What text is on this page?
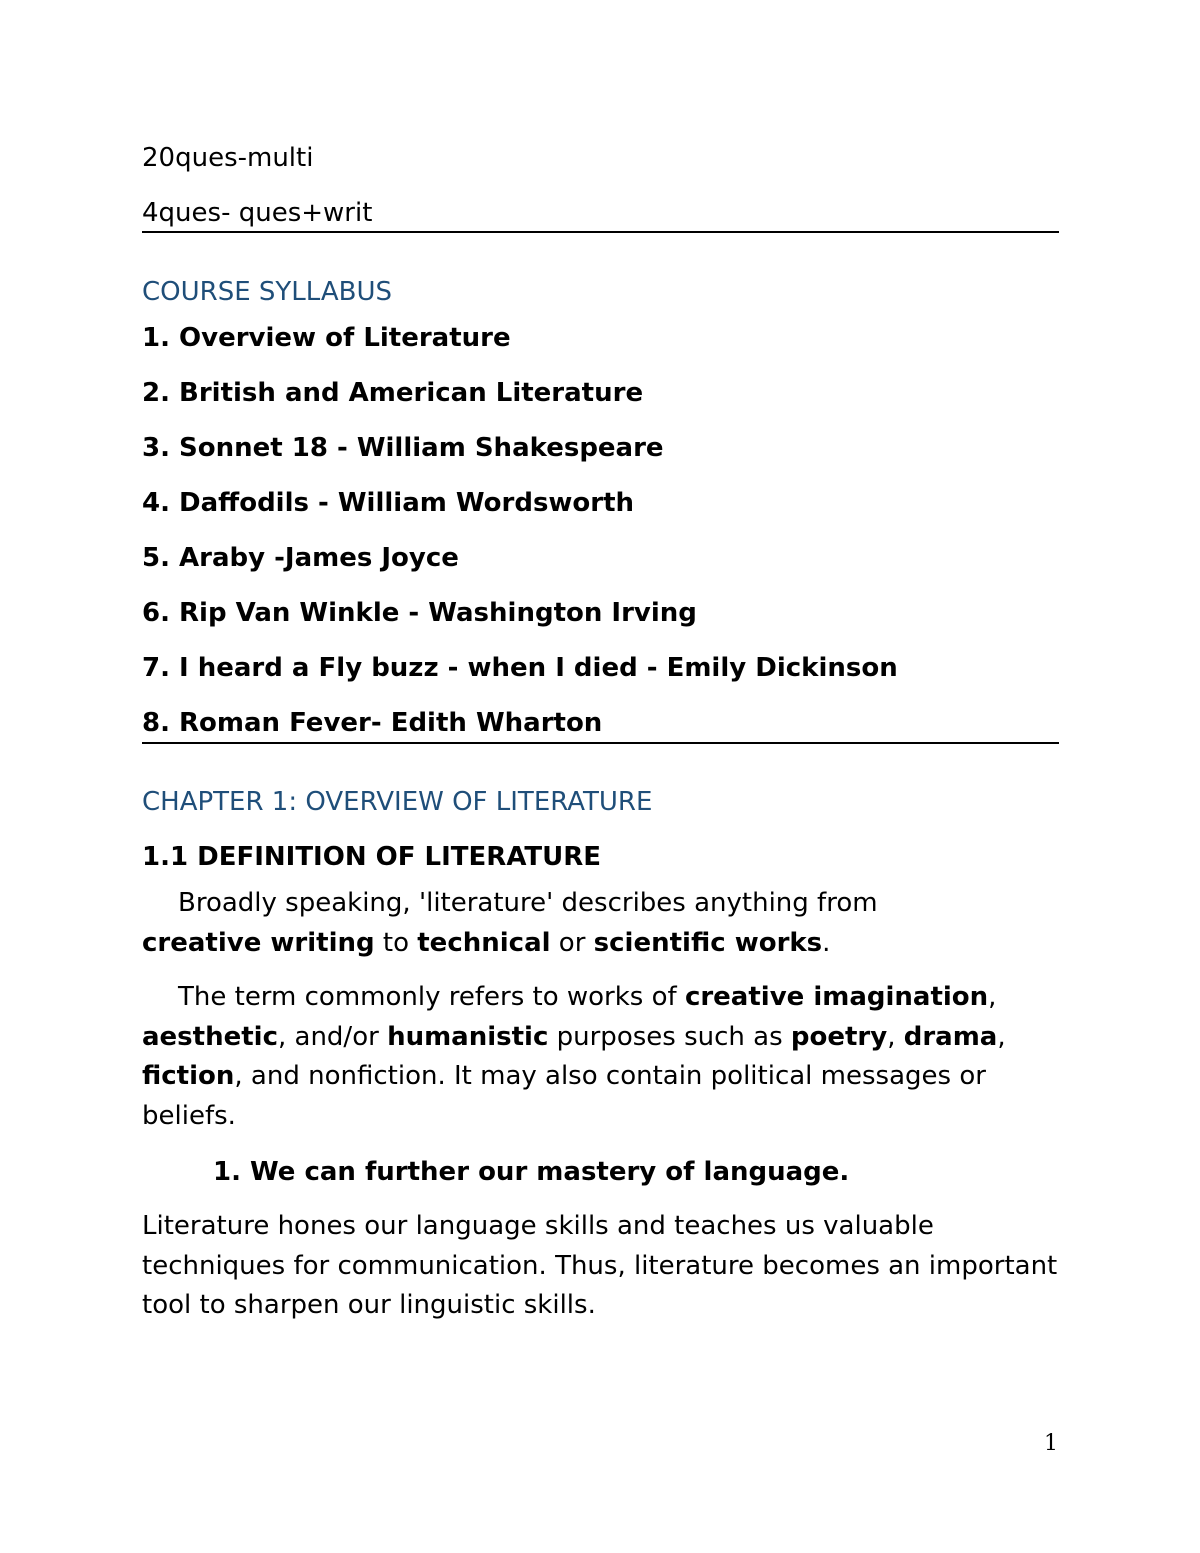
20ques-multi

4ques- ques+writ

COURSE SYLLABUS

1. Overview of Literature

2. British and American Literature

3. Sonnet 18 - William Shakespeare

4. Daffodils - William Wordsworth

5. Araby -James Joyce

6. Rip Van Winkle - Washington Irving

7. I heard a Fly buzz - when I died - Emily Dickinson

8. Roman Fever- Edith Wharton

CHAPTER 1: OVERVIEW OF LITERATURE

1.1 DEFINITION OF LITERATURE

Broadly speaking, 'literature' describes anything from
creative writing to technical or scientific works.

The term commonly refers to works of creative imagination, aesthetic, and/or humanistic purposes such as poetry, drama, fiction, and nonfiction. It may also contain political messages or beliefs.

1. We can further our mastery of language.

Literature hones our language skills and teaches us valuable techniques for communication. Thus, literature becomes an important tool to sharpen our linguistic skills.

1
